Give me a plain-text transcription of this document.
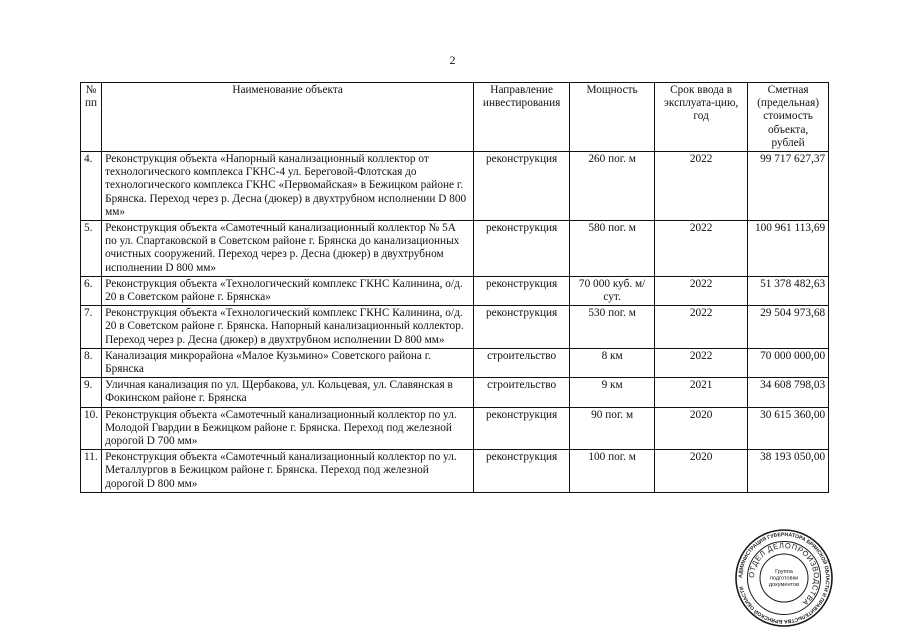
2
№ пп	Наименование объекта	Направление инвестирования	Мощность	Срок ввода в эксплуата-цию, год	Сметная (предельная) стоимость объекта, рублей
4.	Реконструкция объекта «Напорный канализационный коллектор от технологического комплекса ГКНС-4 ул. Береговой-Флотская до технологического комплекса ГКНС «Первомайская» в Бежицком районе г. Брянска. Переход через р. Десна (дюкер) в двухтрубном исполнении D 800 мм»	реконструкция	260 пог. м	2022	99 717 627,37
5.	Реконструкция объекта «Самотечный канализационный коллектор № 5А по ул. Спартаковской в Советском районе г. Брянска до канализационных очистных сооружений. Переход через р. Десна (дюкер) в двухтрубном исполнении D 800 мм»	реконструкция	580 пог. м	2022	100 961 113,69
6.	Реконструкция объекта «Технологический комплекс ГКНС Калинина, о/д. 20 в Советском районе г. Брянска»	реконструкция	70 000 куб. м/сут.	2022	51 378 482,63
7.	Реконструкция объекта «Технологический комплекс ГКНС Калинина, о/д. 20 в Советском районе г. Брянска. Напорный канализационный коллектор. Переход через р. Десна (дюкер) в двухтрубном исполнении D 800 мм»	реконструкция	530 пог. м	2022	29 504 973,68
8.	Канализация микрорайона «Малое Кузьмино» Советского района г. Брянска	строительство	8 км	2022	70 000 000,00
9.	Уличная канализация по ул. Щербакова, ул. Кольцевая, ул. Славянская в Фокинском районе г. Брянска	строительство	9 км	2021	34 608 798,03
10.	Реконструкция объекта «Самотечный канализационный коллектор по ул. Молодой Гвардии в Бежицком районе г. Брянска. Переход под железной дорогой D 700 мм»	реконструкция	90 пог. м	2020	30 615 360,00
11.	Реконструкция объекта «Самотечный канализационный коллектор по ул. Металлургов в Бежицком районе г. Брянска. Переход под железной дорогой D 800 мм»	реконструкция	100 пог. м	2020	38 193 050,00
АДМИНИСТРАЦИЯ ГУБЕРНАТОРА БРЯНСКОЙ ОБЛАСТИ И ПРАВИТЕЛЬСТВА БРЯНСКОЙ ОБЛАСТИ
ОТДЕЛ ДЕЛОПРОИЗВОДСТВА
Группа подготовки документов
